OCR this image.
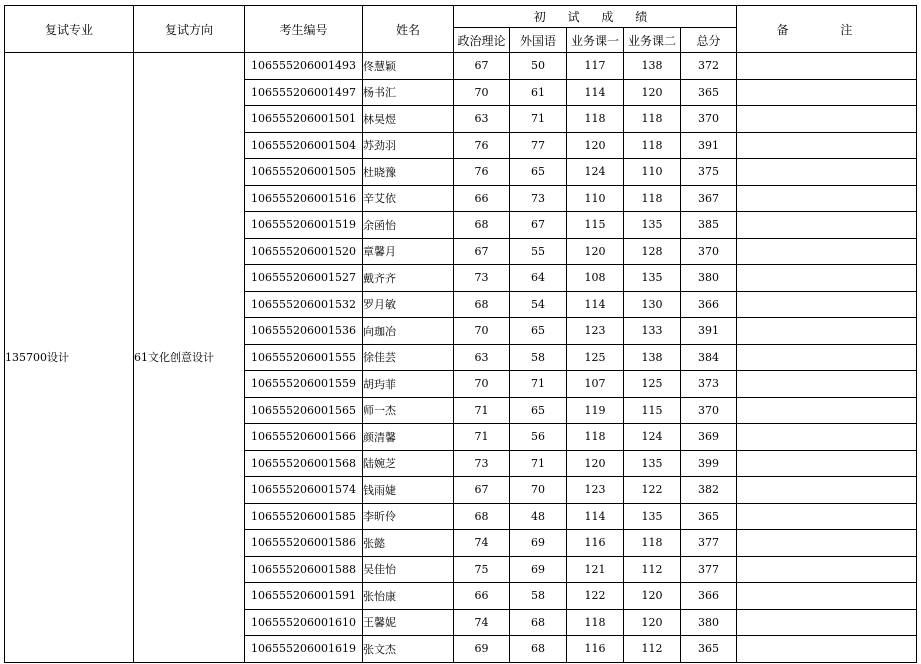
复试专业	复试方向	考生编号	姓名	初 试 成 绩					备 注
				政治理论	外国语	业务课一	业务课二	总分	
135700设计	61文化创意设计	106555206001493	佟慧颖	67	50	117	138	372	
		106555206001497	杨书汇	70	61	114	120	365	
		106555206001501	林昊煜	63	71	118	118	370	
		106555206001504	苏劲羽	76	77	120	118	391	
		106555206001505	杜晓豫	76	65	124	110	375	
		106555206001516	辛艾依	66	73	110	118	367	
		106555206001519	余函怡	68	67	115	135	385	
		106555206001520	章馨月	67	55	120	128	370	
		106555206001527	戴齐齐	73	64	108	135	380	
		106555206001532	罗月敏	68	54	114	130	366	
		106555206001536	向珈冶	70	65	123	133	391	
		106555206001555	徐佳芸	63	58	125	138	384	
		106555206001559	胡玙菲	70	71	107	125	373	
		106555206001565	师一杰	71	65	119	115	370	
		106555206001566	颜清馨	71	56	118	124	369	
		106555206001568	陆婉芝	73	71	120	135	399	
		106555206001574	钱雨婕	67	70	123	122	382	
		106555206001585	李昕伶	68	48	114	135	365	
		106555206001586	张懿	74	69	116	118	377	
		106555206001588	吴佳怡	75	69	121	112	377	
		106555206001591	张怡康	66	58	122	120	366	
		106555206001610	王馨妮	74	68	118	120	380	
		106555206001619	张文杰	69	68	116	112	365	
